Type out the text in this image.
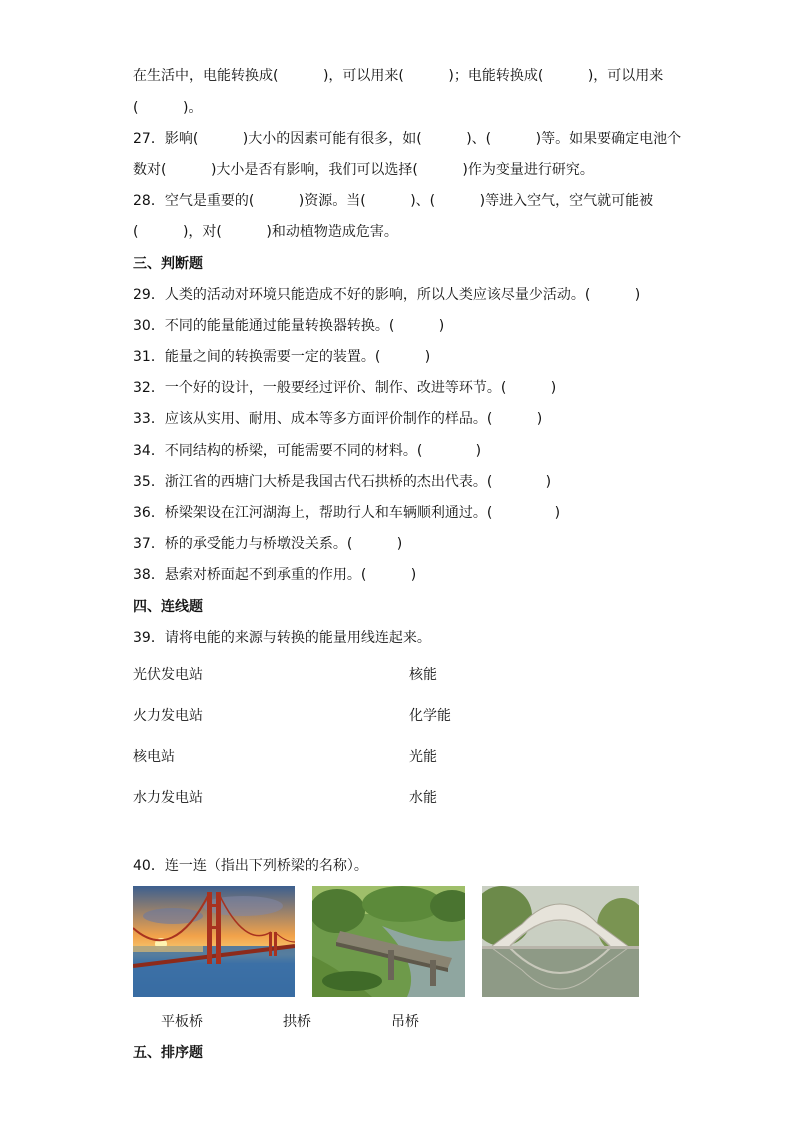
在生活中，电能转换成(          )，可以用来(          )；电能转换成(          )，可以用来
(          )。
27．影响(          )大小的因素可能有很多，如(          )、(          )等。如果要确定电池个
数对(          )大小是否有影响，我们可以选择(          )作为变量进行研究。
28．空气是重要的(          )资源。当(          )、(          )等进入空气，空气就可能被
(          )，对(          )和动植物造成危害。
三、判断题
29．人类的活动对环境只能造成不好的影响，所以人类应该尽量少活动。(          )
30．不同的能量能通过能量转换器转换。(          )
31．能量之间的转换需要一定的装置。(          )
32．一个好的设计，一般要经过评价、制作、改进等环节。(          )
33．应该从实用、耐用、成本等多方面评价制作的样品。(          )
34．不同结构的桥梁，可能需要不同的材料。(            )
35．浙江省的西塘门大桥是我国古代石拱桥的杰出代表。(            )
36．桥梁架设在江河湖海上，帮助行人和车辆顺利通过。(              )
37．桥的承受能力与桥墩没关系。(          )
38．悬索对桥面起不到承重的作用。(          )
四、连线题
39．请将电能的来源与转换的能量用线连起来。
光伏发电站
火力发电站
核电站
水力发电站
核能
化学能
光能
水能
40．连一连（指出下列桥梁的名称）。
平板桥	拱桥	吊桥
五、排序题
